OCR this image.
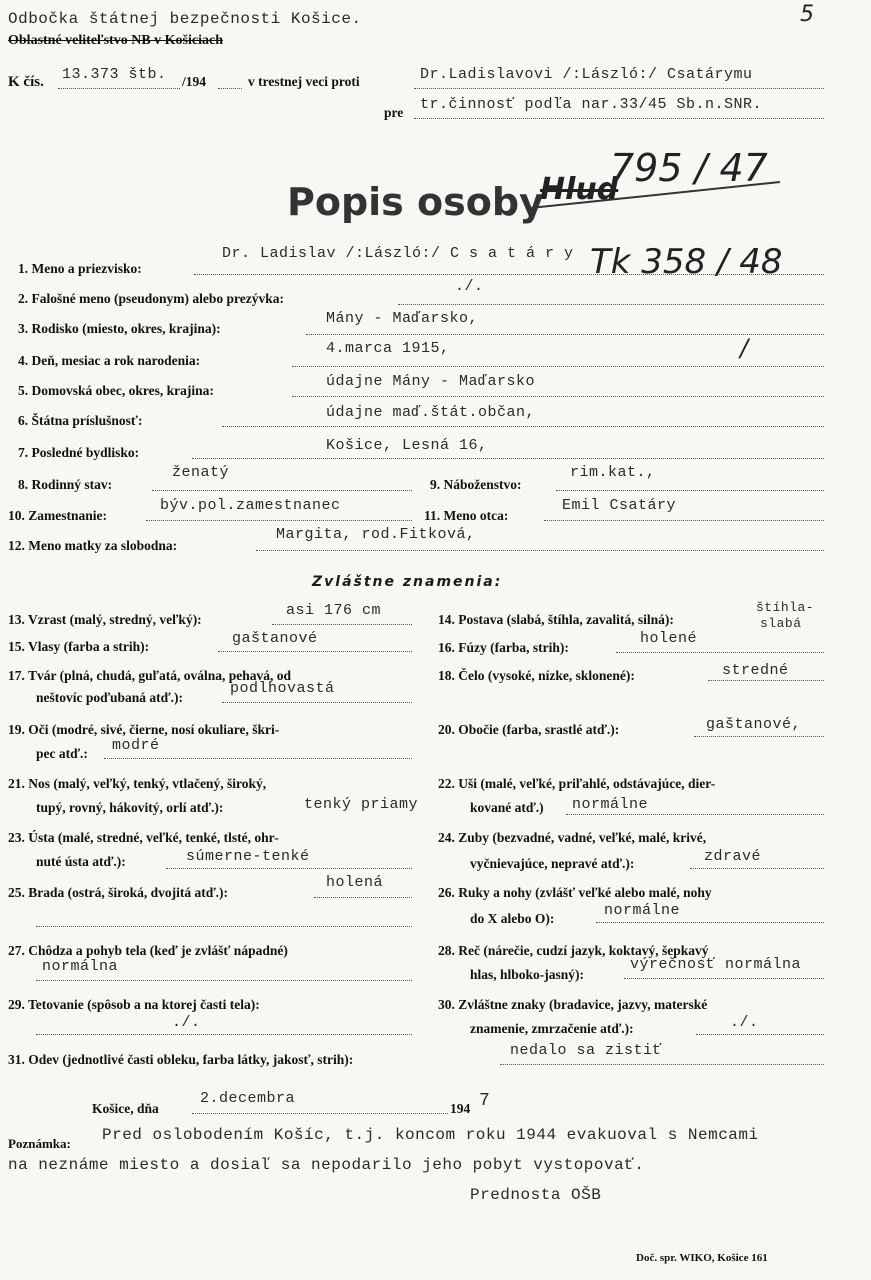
Odbočka štátnej bezpečnosti Košice.
Oblastné veliteľstvo NB v Košiciach
5
K čís. 13.373 štb. /194	v trestnej veci proti	Dr.Ladislavovi /:László:/ Csatárymu
pre tr.činnosť podľa nar.33/45 Sb.n.SNR.
Popis osoby
Hlud
795 / 47
1. Meno a priezvisko:
Dr. Ladislav /:László:/ C s a t á r y Tk 358 / 48
2. Falošné meno (pseudonym) alebo prezývka:
./.
3. Rodisko (miesto, okres, krajina):
Mány - Maďarsko,
4. Deň, mesiac a rok narodenia:
4.marca 1915,	/
5. Domovská obec, okres, krajina:
údajne Mány - Maďarsko
6. Štátna príslušnosť:	údajne maď.štát.občan,
7. Posledné bydlisko:	Košice, Lesná 16,
8. Rodinný stav:
ženatý
9. Náboženstvo:
rim.kat.,
10. Zamestnanie:
býv.pol.zamestnanec
11. Meno otca:
Emil Csatáry
12. Meno matky za slobodna:
Margita, rod.Fitková,
Zvláštne znamenia:
13. Vzrast (malý, stredný, veľký):
asi 176 cm
15. Vlasy (farba a strih):	gaštanové
17. Tvár (plná, chudá, guľatá, oválna, pehavá, od
neštovíc poďubaná atď.):
podlhovastá
19. Oči (modré, sivé, čierne, nosí okuliare, škri-
pec atď.: modré
21. Nos (malý, veľký, tenký, vtlačený, široký,
tupý, rovný, hákovitý, orlí atď.):	tenký priamy
23. Ústa (malé, stredné, veľké, tenké, tlsté, ohr-
nuté ústa atď.):	súmerne-tenké
25. Brada (ostrá, široká, dvojitá atď.):
holená
27. Chôdza a pohyb tela (keď je zvlášť nápadné)
normálna
29. Tetovanie (spôsob a na ktorej časti tela):
./.
14. Postava (slabá, štíhla, zavalitá, silná):
štíhla-
slabá
16. Fúzy (farba, strih):
holené
18. Čelo (vysoké, nízke, sklonené):	stredné
20. Obočie (farba, srastlé atď.):	gaštanové,
22. Uši (malé, veľké, priľahlé, odstávajúce, dier-
kované atď.) normálne
24. Zuby (bezvadné, vadné, veľké, malé, krivé,
vyčnievajúce, nepravé atď.):	zdravé
26. Ruky a nohy (zvlášť veľké alebo malé, nohy
do X alebo O):	normálne
28. Reč (nárečie, cudzí jazyk, koktavý, šepkavý
hlas, hlboko-jasný):
výrečnosť normálna
30. Zvláštne znaky (bradavice, jazvy, materské
znamenie, zmrzačenie atď.):	./.
31. Odev (jednotlivé časti obleku, farba látky, jakosť, strih):
nedalo sa zistiť
Košice, dňa
2.decembra
194 7
Poznámka: Pred oslobodením Košíc, t.j. koncom roku 1944 evakuoval s Nemcami
na neznáme miesto a dosiaľ sa nepodarilo jeho pobyt vystopovať.
Prednosta OŠB
Doč. spr. WIKO, Košice 161
